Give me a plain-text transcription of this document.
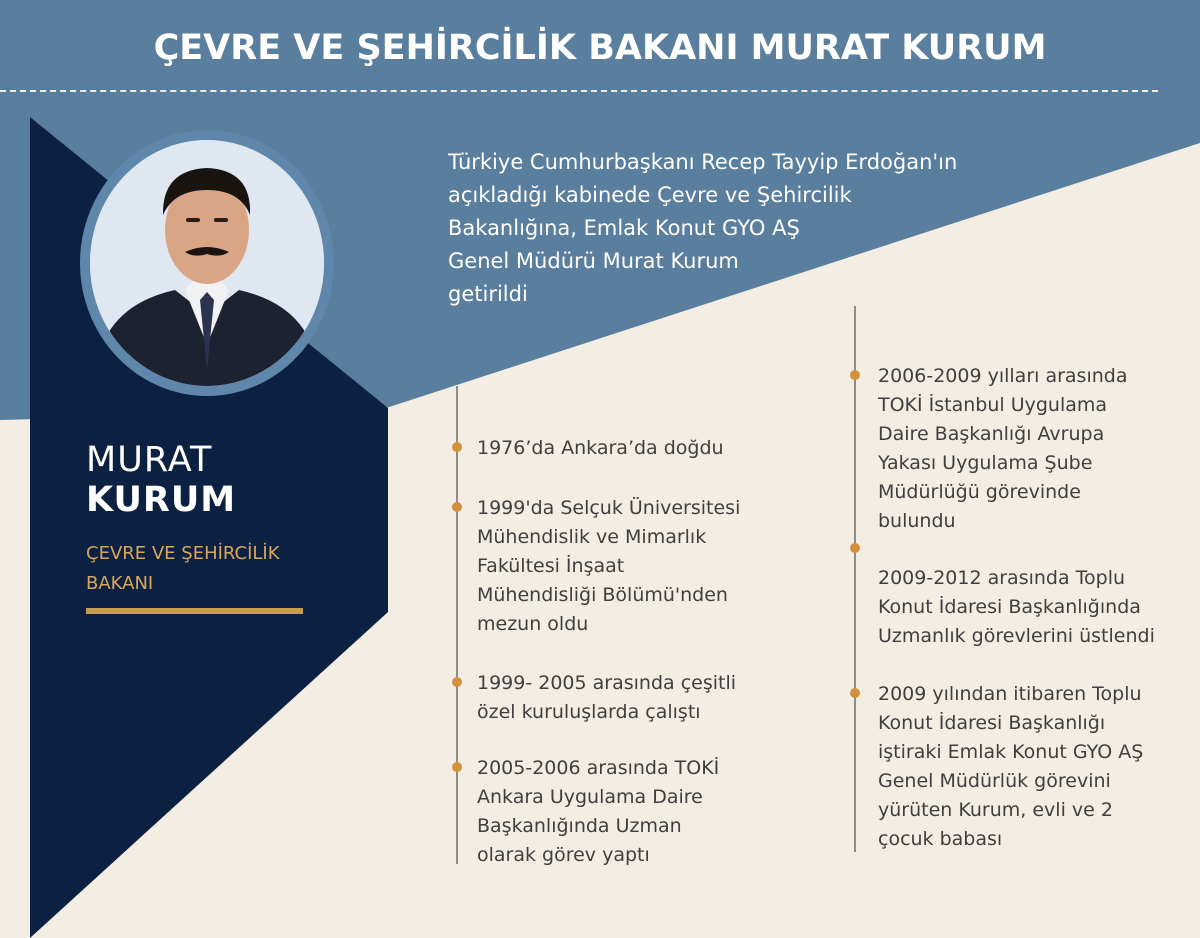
ÇEVRE VE ŞEHİRCİLİK BAKANI MURAT KURUM

Türkiye Cumhurbaşkanı Recep Tayyip Erdoğan'ın
açıkladığı kabinede Çevre ve Şehircilik
Bakanlığına, Emlak Konut GYO AŞ
Genel Müdürü Murat Kurum
getirildi

MURAT

KURUM

ÇEVRE VE ŞEHİRCİLİK
BAKANI

1976’da Ankara’da doğdu

1999'da Selçuk Üniversitesi
Mühendislik ve Mimarlık
Fakültesi İnşaat
Mühendisliği Bölümü'nden
mezun oldu

1999- 2005 arasında çeşitli
özel kuruluşlarda çalıştı

2005-2006 arasında TOKİ
Ankara Uygulama Daire
Başkanlığında Uzman
olarak görev yaptı

2006-2009 yılları arasında
TOKİ İstanbul Uygulama
Daire Başkanlığı Avrupa
Yakası Uygulama Şube
Müdürlüğü görevinde
bulundu

2009-2012 arasında Toplu
Konut İdaresi Başkanlığında
Uzmanlık görevlerini üstlendi

2009 yılından itibaren Toplu
Konut İdaresi Başkanlığı
iştiraki Emlak Konut GYO AŞ
Genel Müdürlük görevini
yürüten Kurum, evli ve 2
çocuk babası
